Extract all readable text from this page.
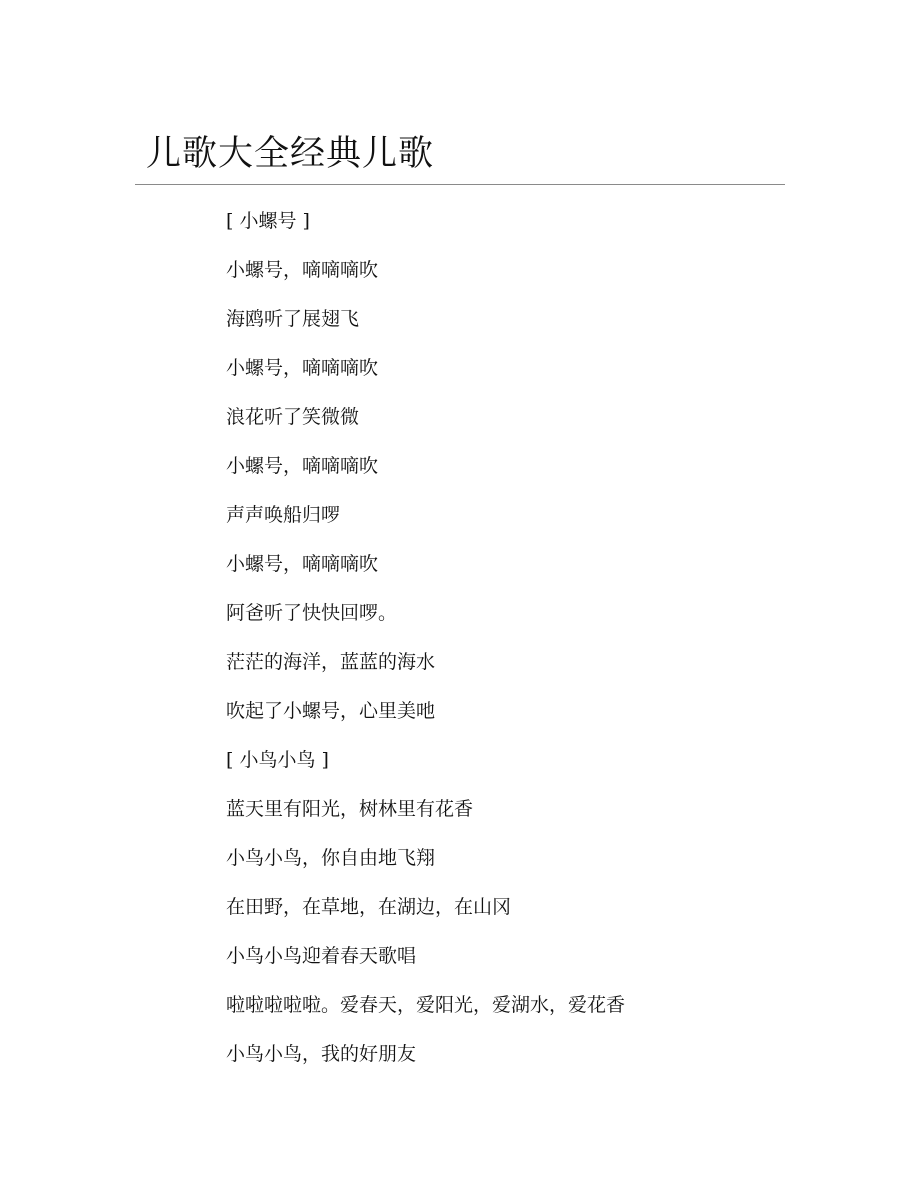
儿歌大全经典儿歌
[ 小螺号 ]
小螺号，嘀嘀嘀吹
海鸥听了展翅飞
小螺号，嘀嘀嘀吹
浪花听了笑微微
小螺号，嘀嘀嘀吹
声声唤船归啰
小螺号，嘀嘀嘀吹
阿爸听了快快回啰。
茫茫的海洋，蓝蓝的海水
吹起了小螺号，心里美吔
[ 小鸟小鸟 ]
蓝天里有阳光，树林里有花香
小鸟小鸟，你自由地飞翔
在田野，在草地，在湖边，在山冈
小鸟小鸟迎着春天歌唱
啦啦啦啦啦。爱春天，爱阳光，爱湖水，爱花香
小鸟小鸟，我的好朋友
